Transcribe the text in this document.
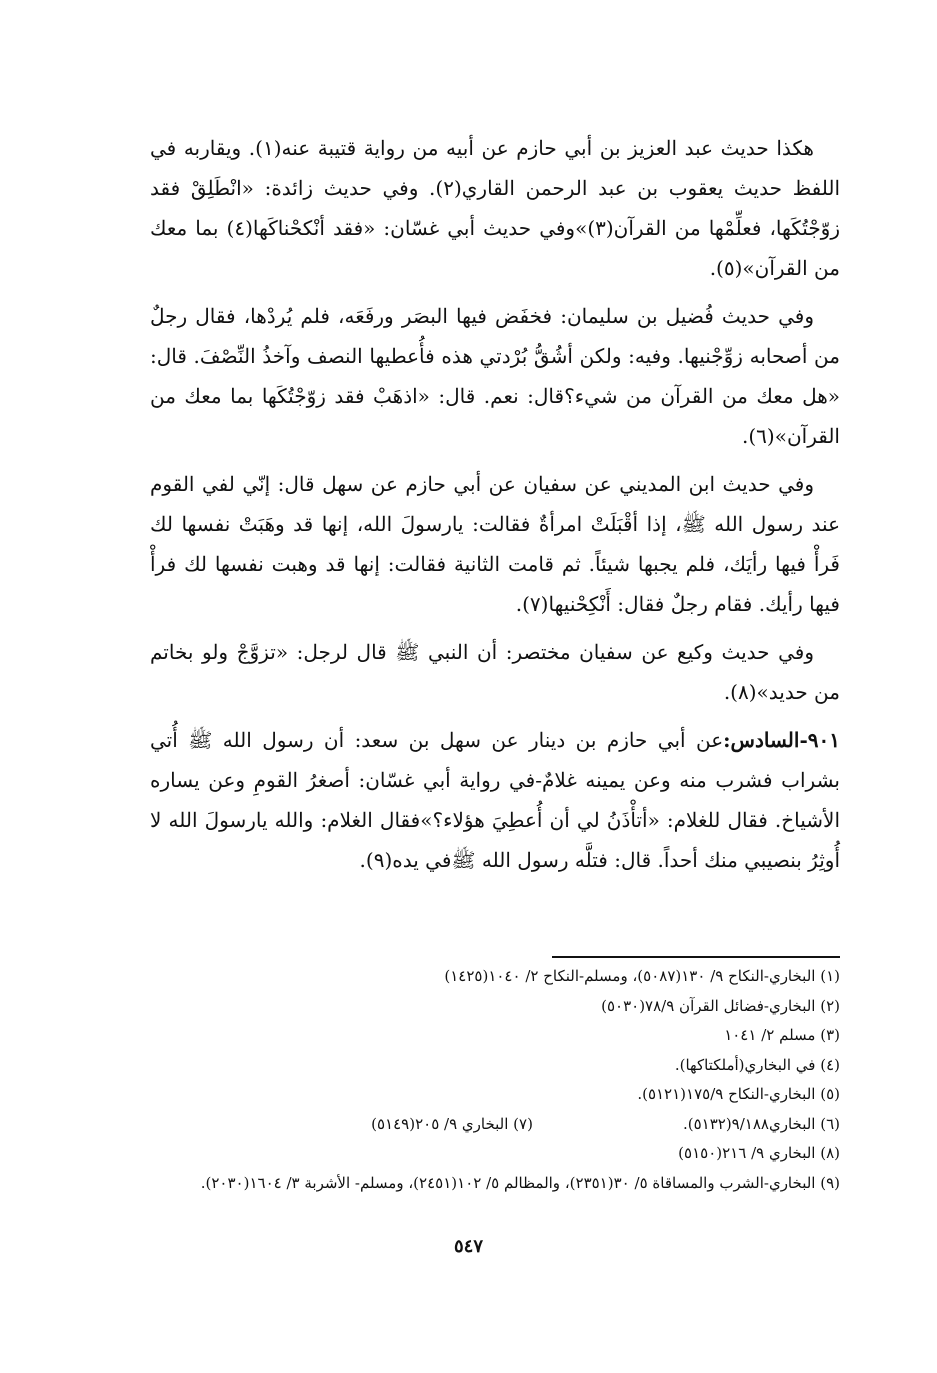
هكذا حديث عبد العزيز بن أبي حازم عن أبيه من رواية قتيبة عنه(١). ويقاربه في اللفظ حديث يعقوب بن عبد الرحمن القاري(٢). وفي حديث زائدة: «انْطَلِقْ فقد زوّجْتُكَها، فعلِّمْها من القرآن(٣)»وفي حديث أبي غسّان: «فقد أنْكحْناكَها(٤) بما معك من القرآن»(٥).

وفي حديث فُضيل بن سليمان: فخفَض فيها البصَر ورفَعَه، فلم يُردْها، فقال رجلٌ من أصحابه زوِّجْنيها. وفيه: ولكن أشُقُّ بُرْدتي هذه فأُعطيها النصف وآخذُ النِّصْفَ. قال: «هل معك من القرآن من شيء؟قال: نعم. قال: «اذهَبْ فقد زوّجْتُكَها بما معك من القرآن»(٦).

وفي حديث ابن المديني عن سفيان عن أبي حازم عن سهل قال: إنّي لفي القوم عند رسول الله ﷺ، إذا أقْبَلَتْ امرأةٌ فقالت: يارسولَ الله، إنها قد وهَبَتْ نفسها لك فَرأْ فيها رأيَك، فلم يجبها شيئاً. ثم قامت الثانية فقالت: إنها قد وهبت نفسها لك فرأْ فيها رأيك. فقام رجلٌ فقال: أَنْكِحْنيها(٧).

وفي حديث وكيع عن سفيان مختصر: أن النبي ﷺ قال لرجل: «تزوَّجْ ولو بخاتم من حديد»(٨).

٩٠١-السادس:عن أبي حازم بن دينار عن سهل بن سعد: أن رسول الله ﷺ أُتي بشراب فشرب منه وعن يمينه غلامٌ-في رواية أبي غسّان: أصغرُ القومِ وعن يساره الأشياخ. فقال للغلام: «أتأْذَنُ لي أن أُعطِيَ هؤلاء؟»فقال الغلام: والله يارسولَ الله لا أُوثِرُ بنصيبي منك أحداً. قال: فتلَّه رسول الله ﷺفي يده(٩).

(١) البخاري-النكاح ٩/ ١٣٠(٥٠٨٧)، ومسلم-النكاح ٢/ ١٠٤٠(١٤٢٥)
(٢) البخاري-فضائل القرآن ٧٨/٩(٥٠٣٠)
(٣) مسلم ٢/ ١٠٤١
(٤) في البخاري(أملكتاكها).
(٥) البخاري-النكاح ١٧٥/٩(٥١٢١).
(٦) البخاري٩/١٨٨(٥١٣٢).
(٧) البخاري ٩/ ٢٠٥(٥١٤٩)
(٨) البخاري ٩/ ٢١٦(٥١٥٠)
(٩) البخاري-الشرب والمساقاة ٥/ ٣٠(٢٣٥١)، والمظالم ٥/ ١٠٢(٢٤٥١)، ومسلم- الأشربة ٣/ ١٦٠٤(٢٠٣٠).
٥٤٧
